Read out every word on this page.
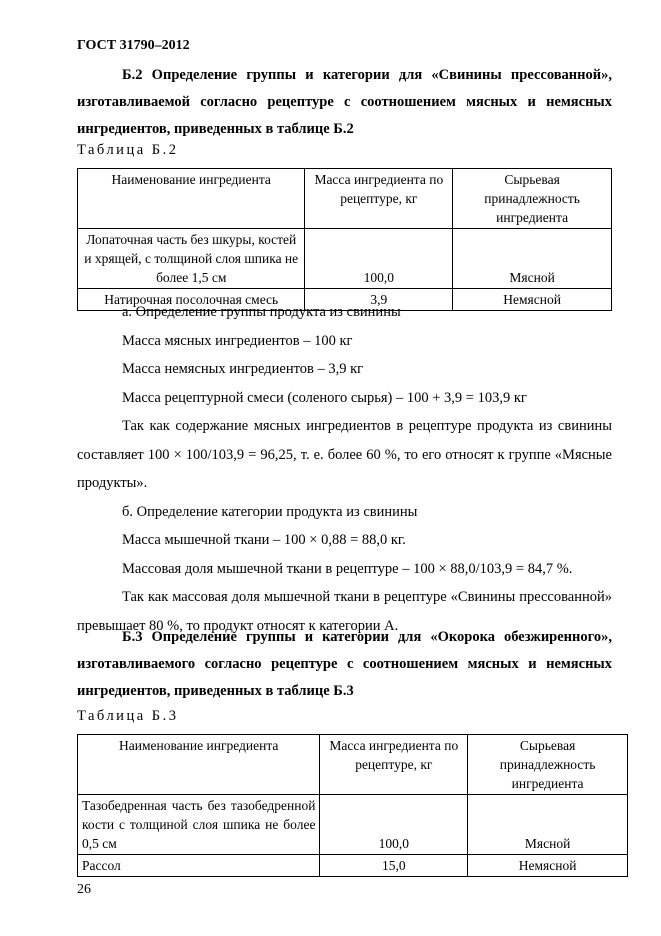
ГОСТ 31790–2012
Б.2 Определение группы и категории для «Свинины прессованной», изготавливаемой согласно рецептуре с соотношением мясных и немясных ингредиентов, приведенных в таблице Б.2
Таблица Б.2
Наименование ингредиента	Масса ингредиента по рецептуре, кг	Сырьевая принадлежность ингредиента
Лопаточная часть без шкуры, костей и хрящей, с толщиной слоя шпика не более 1,5 см	100,0	Мясной
Натирочная посолочная смесь	3,9	Немясной

а. Определение группы продукта из свинины

Масса мясных ингредиентов – 100 кг

Масса немясных ингредиентов – 3,9 кг

Масса рецептурной смеси (соленого сырья) – 100 + 3,9 = 103,9 кг

Так как содержание мясных ингредиентов в рецептуре продукта из свинины составляет 100 × 100/103,9 = 96,25, т. е. более 60 %, то его относят к группе «Мясные продукты».

б. Определение категории продукта из свинины

Масса мышечной ткани – 100 × 0,88 = 88,0 кг.

Массовая доля мышечной ткани в рецептуре – 100 × 88,0/103,9 = 84,7 %.

Так как массовая доля мышечной ткани в рецептуре «Свинины прессованной» превышает 80 %, то продукт относят к категории А.

Б.3 Определение группы и категории для «Окорока обезжиренного», изготавливаемого согласно рецептуре с соотношением мясных и немясных ингредиентов, приведенных в таблице Б.3
Таблица Б.3
Наименование ингредиента	Масса ингредиента по рецептуре, кг	Сырьевая принадлежность ингредиента
Тазобедренная часть без тазобедренной кости с толщиной слоя шпика не более 0,5 см	100,0	Мясной
Рассол	15,0	Немясной
26
